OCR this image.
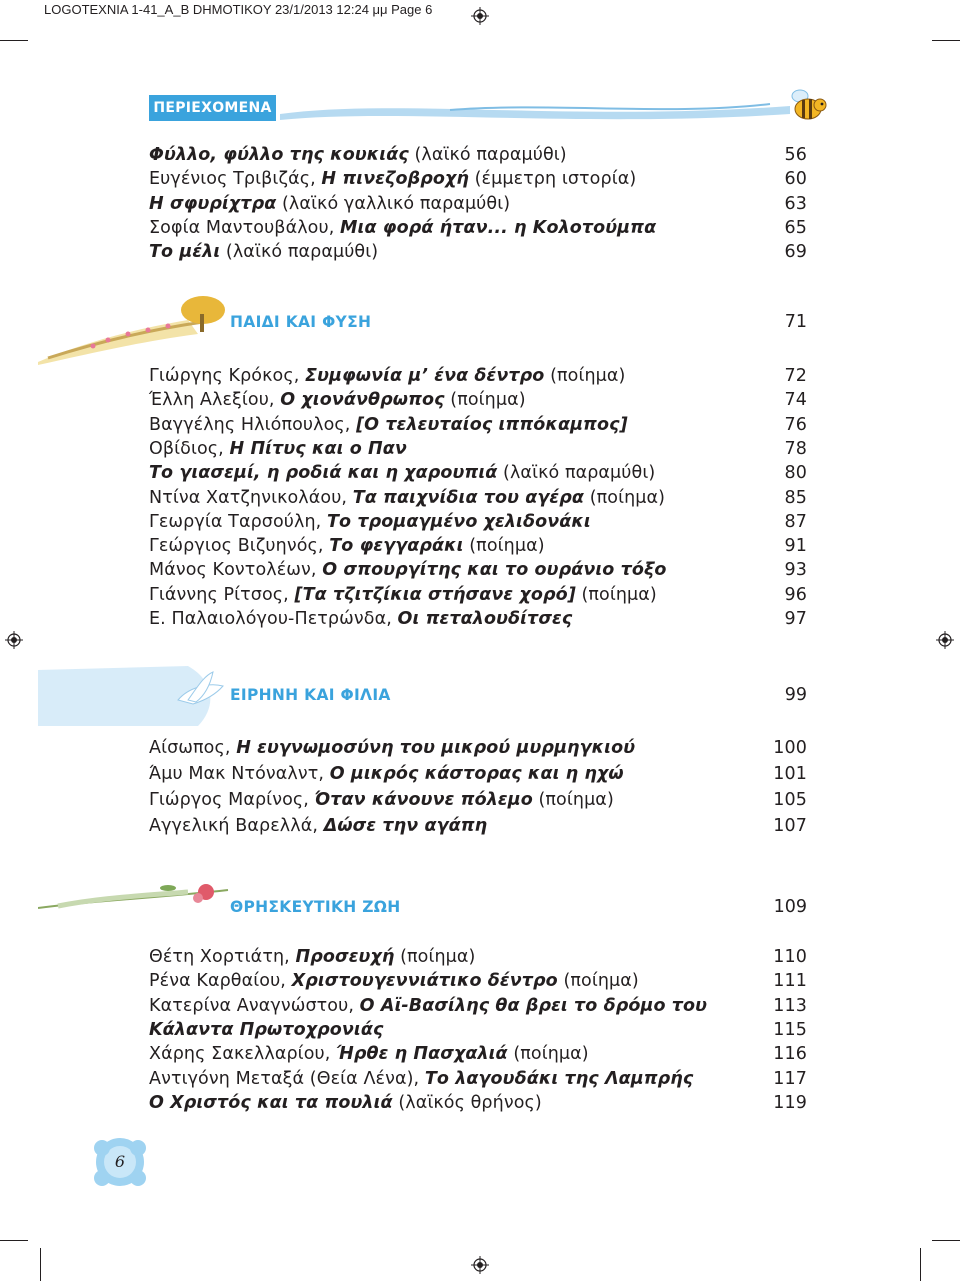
LOGOTEXNIA 1-41_A_B DHMOTIKOY 23/1/2013 12:24 μμ Page 6
6
ΠΕΡΙΕΧΟΜΕΝΑ
Φύλλο, φύλλο της κουκιάς (λαϊκό παραμύθι)	56
Ευγένιος Τριβιζάς, Η πινεζοβροχή (έμμετρη ιστορία)	60
Η σφυρίχτρα (λαϊκό γαλλικό παραμύθι)	63
Σοφία Μαντουβάλου, Μια φορά ήταν... η Κολοτούμπα	65
Το μέλι (λαϊκό παραμύθι)	69
ΠΑΙΔΙ ΚΑΙ ΦΥΣΗ	71
Γιώργης Κρόκος, Συμφωνία μ’ ένα δέντρο (ποίημα)	72
Έλλη Αλεξίου, Ο χιονάνθρωπος (ποίημα)	74
Βαγγέλης Ηλιόπουλος, [Ο τελευταίος ιππόκαμπος]	76
Οβίδιος, Η Πίτυς και ο Παν	78
Το γιασεμί, η ροδιά και η χαρουπιά (λαϊκό παραμύθι)	80
Ντίνα Χατζηνικολάου, Τα παιχνίδια του αγέρα (ποίημα)	85
Γεωργία Ταρσούλη, Το τρομαγμένο χελιδονάκι	87
Γεώργιος Βιζυηνός, Το φεγγαράκι (ποίημα)	91
Μάνος Κοντολέων, Ο σπουργίτης και το ουράνιο τόξο	93
Γιάννης Ρίτσος, [Τα τζιτζίκια στήσανε χορό] (ποίημα)	96
Ε. Παλαιολόγου-Πετρώνδα, Οι πεταλουδίτσες	97
ΕΙΡΗΝΗ ΚΑΙ ΦΙΛΙΑ	99
Αίσωπος, Η ευγνωμοσύνη του μικρού μυρμηγκιού	100
Άμυ Μακ Ντόναλντ, Ο μικρός κάστορας και η ηχώ	101
Γιώργος Μαρίνος, Όταν κάνουνε πόλεμο (ποίημα)	105
Αγγελική Βαρελλά, Δώσε την αγάπη	107
ΘΡΗΣΚΕΥΤΙΚΗ ΖΩΗ	109
Θέτη Χορτιάτη, Προσευχή (ποίημα)	110
Ρένα Καρθαίου, Χριστουγεννιάτικο δέντρο (ποίημα)	111
Κατερίνα Αναγνώστου, Ο Αϊ-Βασίλης θα βρει το δρόμο του	113
Κάλαντα Πρωτοχρονιάς	115
Χάρης Σακελλαρίου, Ήρθε η Πασχαλιά (ποίημα)	116
Αντιγόνη Μεταξά (Θεία Λένα), Το λαγουδάκι της Λαμπρής	117
Ο Χριστός και τα πουλιά (λαϊκός θρήνος)	119
